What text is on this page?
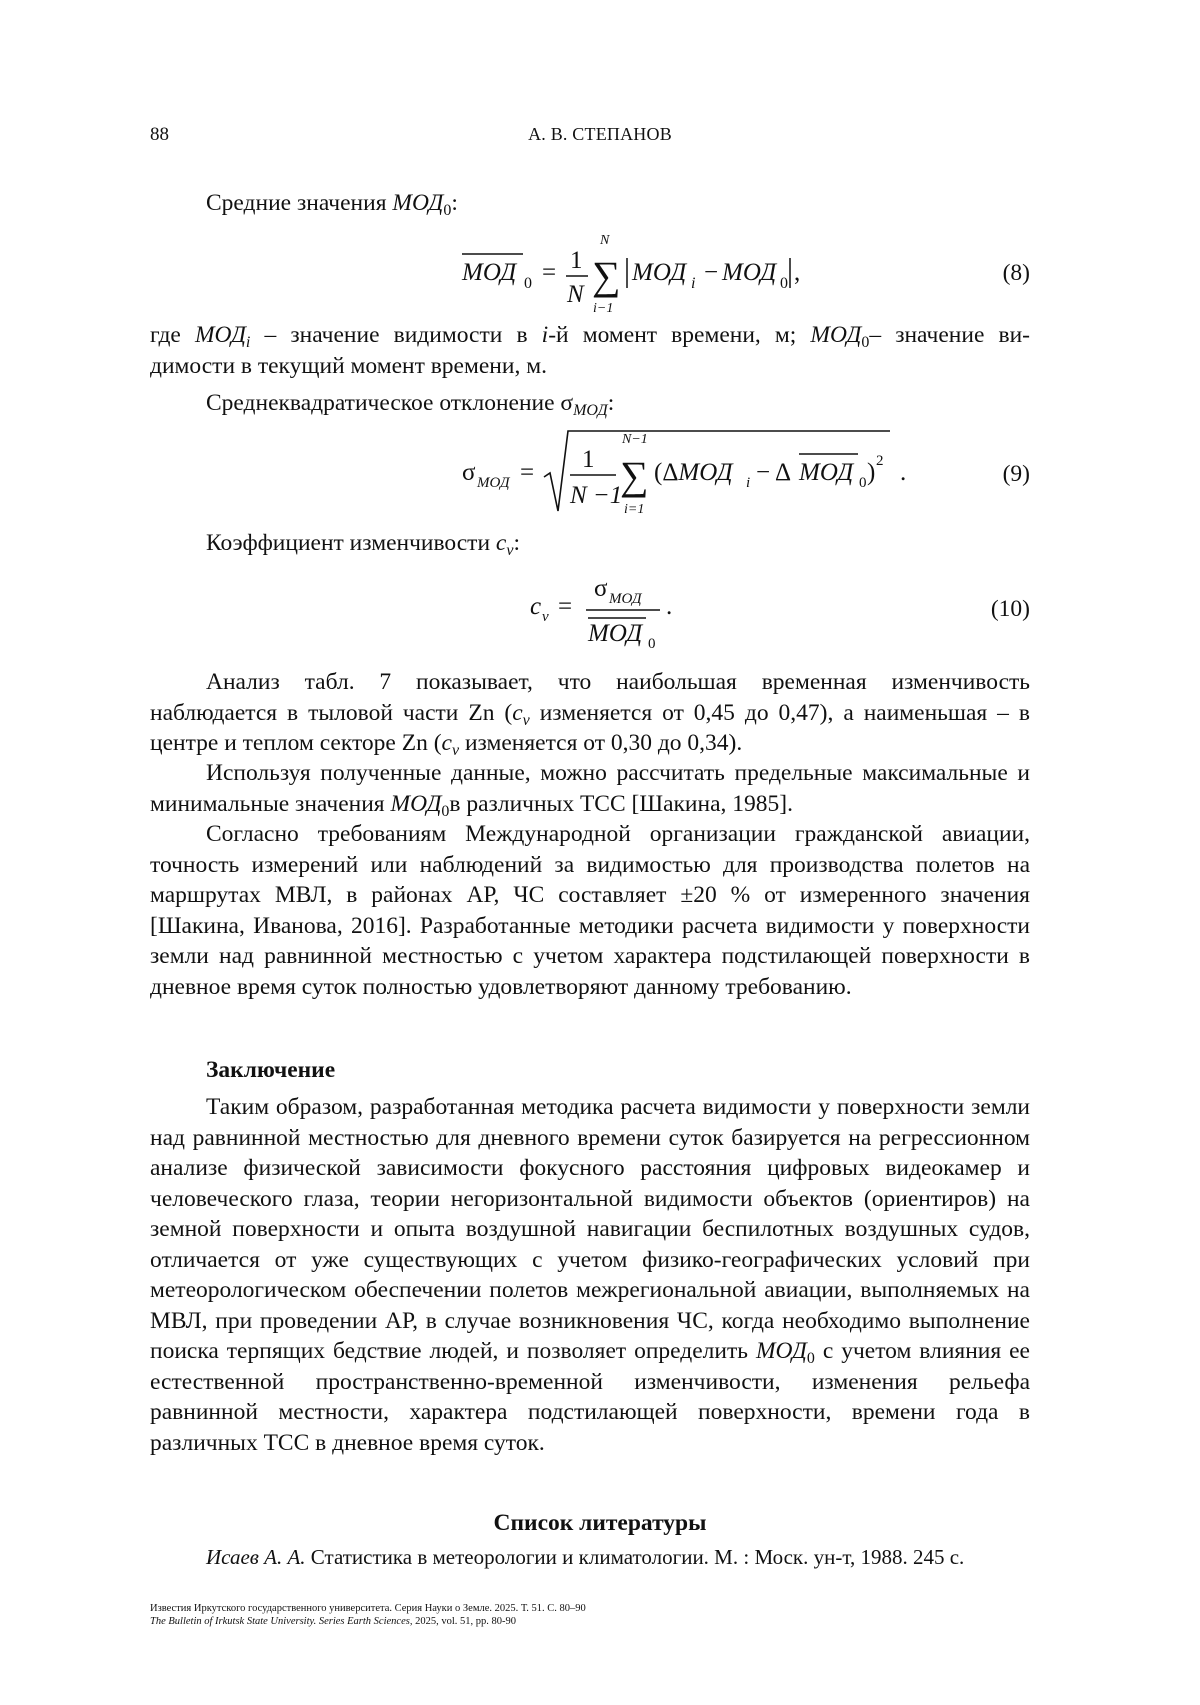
88	А. В. СТЕПАНОВ
Средние значения $МОД_0$:
МОД 0 = 1
N
N
∑
i−1
МОД i − МОД 0 ,	(8)
где $МОД_i$ – значение видимости в i-й момент времени, м; $МОД_0-$ значение ви-
димости в текущий момент времени, м.
Среднеквадратическое отклонение $\sigma_{МОД}$:
σ МОД = 1
N −1
N−1
∑
i=1
(ΔМОД i − Δ МОД 0 ) 2 .	(9)
Коэффициент изменчивости $c_v$:
c v =
σ МОД
МОД 0
.	(10)
Анализ табл. 7 показывает, что наибольшая временная изменчивость наблюдается в тыловой части Zn ($c_v$ изменяется от 0,45 до 0,47), а наименьшая – в центре и теплом секторе Zn ($c_v$ изменяется от 0,30 до 0,34).
Используя полученные данные, можно рассчитать предельные максимальные и минимальные значения $МОД_0в$ различных ТСС [Шакина, 1985].
Согласно требованиям Международной организации гражданской авиации, точность измерений или наблюдений за видимостью для производства полетов на маршрутах МВЛ, в районах АР, ЧС составляет ±20 % от измеренного значения [Шакина, Иванова, 2016]. Разработанные методики расчета видимости у поверхности земли над равнинной местностью с учетом характера подстилающей поверхности в дневное время суток полностью удовлетворяют данному требованию.
Заключение
Таким образом, разработанная методика расчета видимости у поверхности земли над равнинной местностью для дневного времени суток базируется на регрессионном анализе физической зависимости фокусного расстояния цифровых видеокамер и человеческого глаза, теории негоризонтальной видимости объектов (ориентиров) на земной поверхности и опыта воздушной навигации беспилотных воздушных судов, отличается от уже существующих с учетом физико-географических условий при метеорологическом обеспечении полетов межрегиональной авиации, выполняемых на МВЛ, при проведении АР, в случае возникновения ЧС, когда необходимо выполнение поиска терпящих бедствие людей, и позволяет определить $МОД_0$ с учетом влияния ее естественной пространственно-временной изменчивости, изменения рельефа равнинной местности, характера подстилающей поверхности, времени года в различных ТСС в дневное время суток.
Список литературы
Исаев А. А. Статистика в метеорологии и климатологии. М. : Моск. ун-т, 1988. 245 с.
Известия Иркутского государственного университета. Серия Науки о Земле. 2025. Т. 51. С. 80–90
The Bulletin of Irkutsk State University. Series Earth Sciences, 2025, vol. 51, pp. 80-90
